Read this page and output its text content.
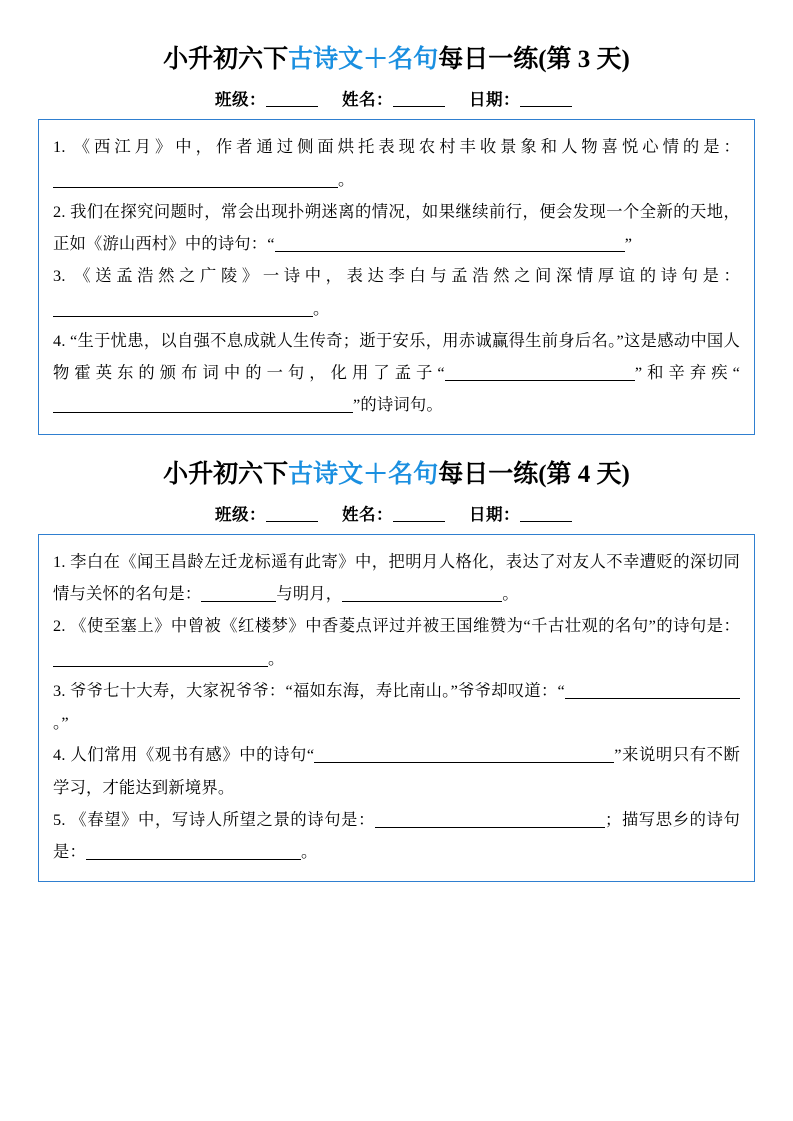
小升初六下古诗文＋名句每日一练(第 3 天)
班级：	姓名：	日期：

1. 《西江月》中，作者通过侧面烘托表现农村丰收景象和人物喜悦心情的是：。

2. 我们在探究问题时，常会出现扑朔迷离的情况，如果继续前行，便会发现一个全新的天地，正如《游山西村》中的诗句：“	”

3. 《送孟浩然之广陵》一诗中，表达李白与孟浩然之间深情厚谊的诗句是：。

4. “生于忧患，以自强不息成就人生传奇；逝于安乐，用赤诚赢得生前身后名。”这是感动中国人物霍英东的颁布词中的一句，化用了孟子“	”和辛弃疾“”的诗词句。

小升初六下古诗文＋名句每日一练(第 4 天)
班级：	姓名：	日期：

1. 李白在《闻王昌龄左迁龙标遥有此寄》中，把明月人格化，表达了对友人不幸遭贬的深切同情与关怀的名句是：	与明月，	。

2. 《使至塞上》中曾被《红楼梦》中香菱点评过并被王国维赞为“千古壮观的名句”的诗句是：。

3. 爷爷七十大寿，大家祝爷爷：“福如东海，寿比南山。”爷爷却叹道：“。”

4. 人们常用《观书有感》中的诗句“	”来说明只有不断学习，才能达到新境界。

5. 《春望》中，写诗人所望之景的诗句是：	；描写思乡的诗句是：	。
